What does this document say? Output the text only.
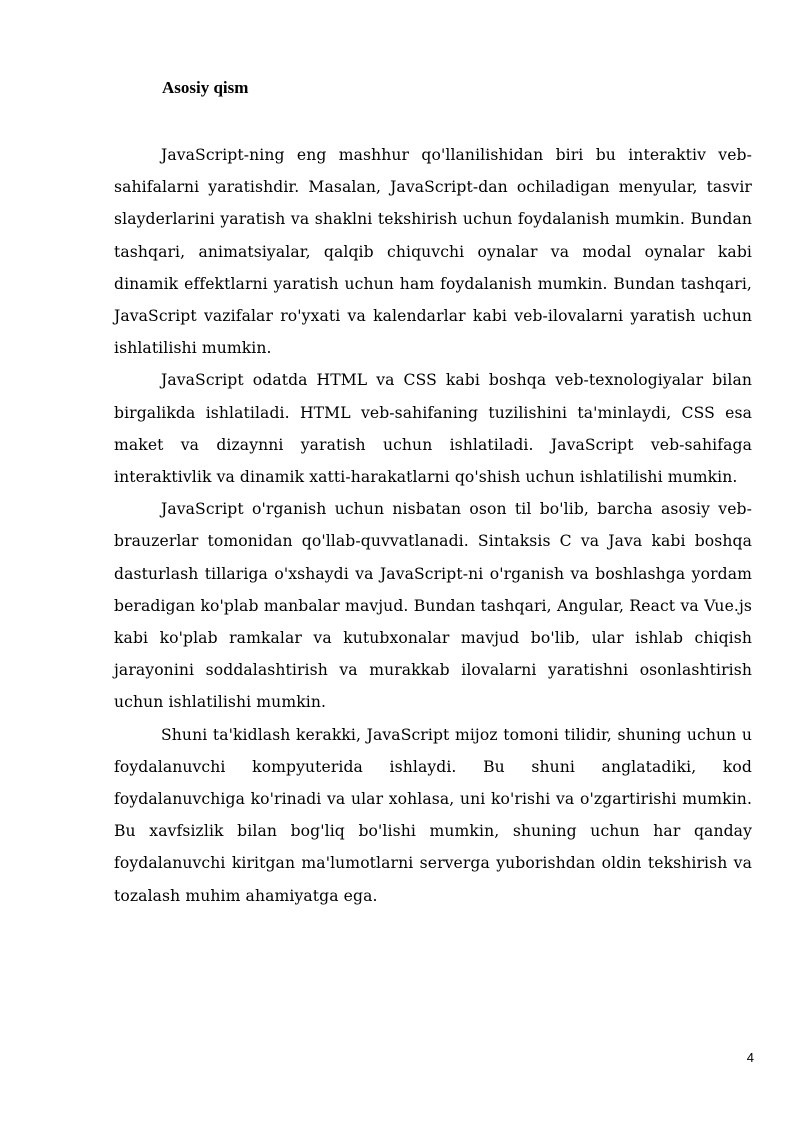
Asosiy qism

JavaScript-ning eng mashhur qo'llanilishidan biri bu interaktiv veb-sahifalarni yaratishdir. Masalan, JavaScript-dan ochiladigan menyular, tasvir slayderlarini yaratish va shaklni tekshirish uchun foydalanish mumkin. Bundan tashqari, animatsiyalar, qalqib chiquvchi oynalar va modal oynalar kabi dinamik effektlarni yaratish uchun ham foydalanish mumkin. Bundan tashqari, JavaScript vazifalar ro'yxati va kalendarlar kabi veb-ilovalarni yaratish uchun ishlatilishi mumkin.

JavaScript odatda HTML va CSS kabi boshqa veb-texnologiyalar bilan birgalikda ishlatiladi. HTML veb-sahifaning tuzilishini ta'minlaydi, CSS esa maket va dizaynni yaratish uchun ishlatiladi. JavaScript veb-sahifaga interaktivlik va dinamik xatti-harakatlarni qo'shish uchun ishlatilishi mumkin.

JavaScript o'rganish uchun nisbatan oson til bo'lib, barcha asosiy veb-brauzerlar tomonidan qo'llab-quvvatlanadi. Sintaksis C va Java kabi boshqa dasturlash tillariga o'xshaydi va JavaScript-ni o'rganish va boshlashga yordam beradigan ko'plab manbalar mavjud. Bundan tashqari, Angular, React va Vue.js kabi ko'plab ramkalar va kutubxonalar mavjud bo'lib, ular ishlab chiqish jarayonini soddalashtirish va murakkab ilovalarni yaratishni osonlashtirish uchun ishlatilishi mumkin.

Shuni ta'kidlash kerakki, JavaScript mijoz tomoni tilidir, shuning uchun u foydalanuvchi kompyuterida ishlaydi. Bu shuni anglatadiki, kod foydalanuvchiga ko'rinadi va ular xohlasa, uni ko'rishi va o'zgartirishi mumkin. Bu xavfsizlik bilan bog'liq bo'lishi mumkin, shuning uchun har qanday foydalanuvchi kiritgan ma'lumotlarni serverga yuborishdan oldin tekshirish va tozalash muhim ahamiyatga ega.

4
